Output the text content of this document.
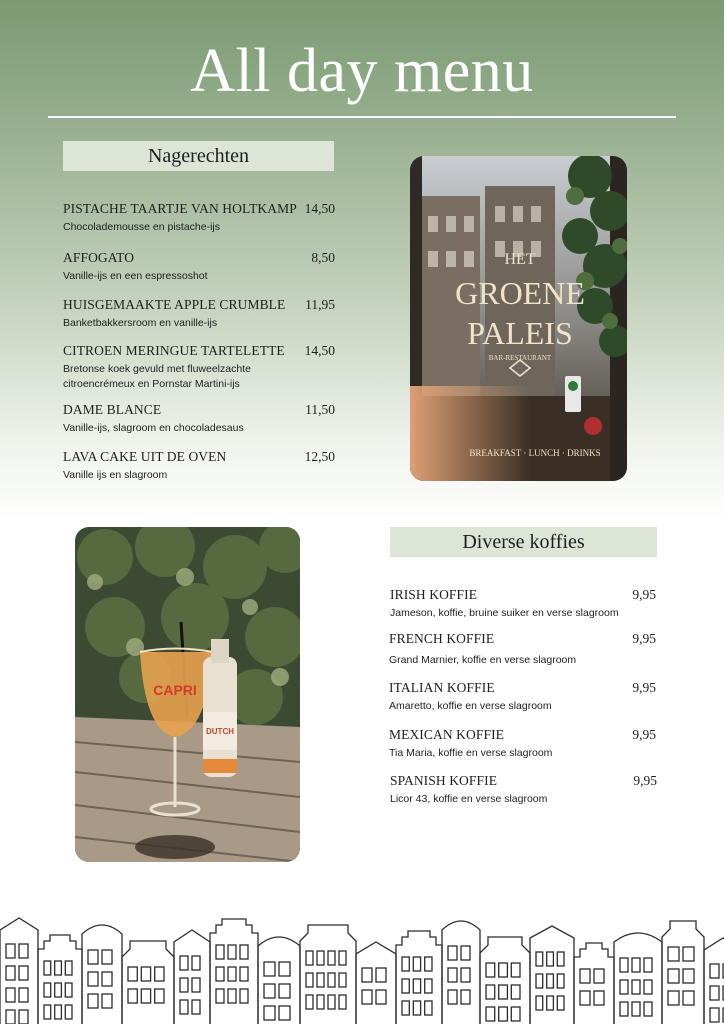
All day menu
Nagerechten
PISTACHE TAARTJE VAN HOLTKAMP 14,50
Chocolademousse en pistache-ijs
AFFOGATO	8,50
Vanille-ijs en een espressoshot
HUISGEMAAKTE APPLE CRUMBLE	11,95
Banketbakkersroom en vanille-ijs
CITROEN MERINGUE TARTELETTE	14,50
Bretonse koek gevuld met fluweelzachte citroencrémeux en Pornstar Martini-ijs
DAME BLANCE	11,50
Vanille-ijs, slagroom en chocoladesaus
LAVA CAKE UIT DE OVEN	12,50
Vanille ijs en slagroom
HET
GROENE
PALEIS
BAR-RESTAURANT
BREAKFAST · LUNCH · DRINKS
CAPRI
DUTCH
Diverse koffies
IRISH KOFFIE	9,95
Jameson, koffie, bruine suiker en verse slagroom
FRENCH KOFFIE	9,95
Grand Marnier, koffie en verse slagroom
ITALIAN KOFFIE	9,95
Amaretto, koffie en verse slagroom
MEXICAN KOFFIE	9,95
Tia Maria, koffie en verse slagroom
SPANISH KOFFIE	9,95
Licor 43, koffie en verse slagroom
